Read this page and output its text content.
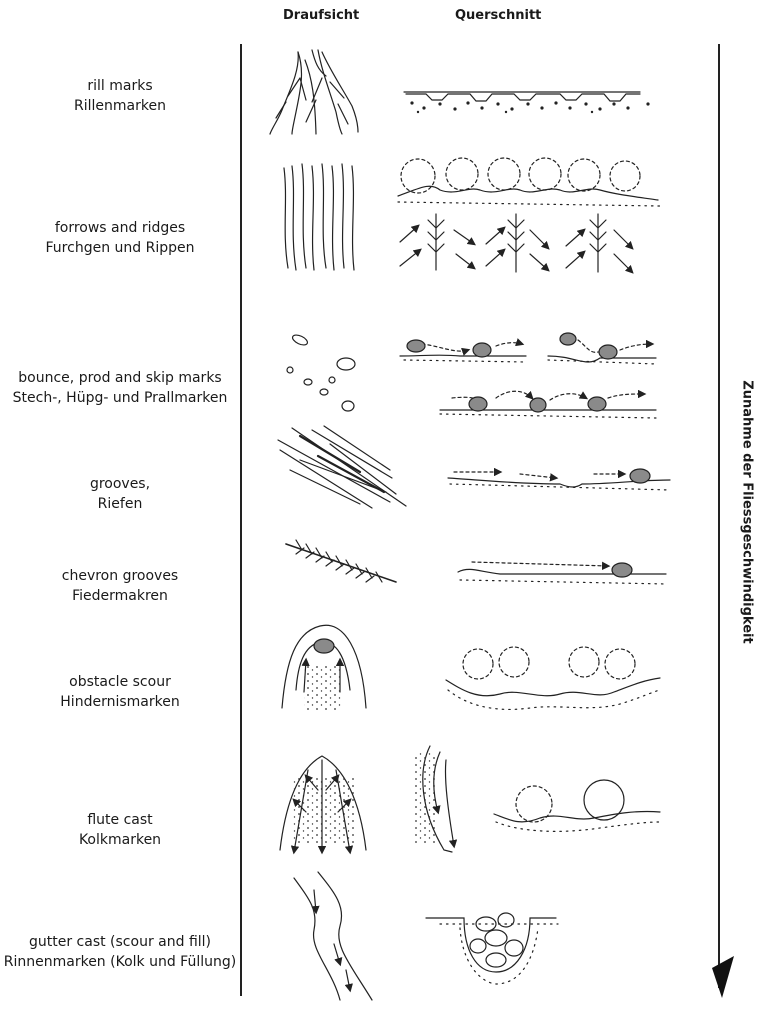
Draufsicht	Querschnitt
Zunahme der Fliessgeschwindigkeit
rill marks
Rillenmarken
forrows and ridges
Furchgen und Rippen
bounce, prod and skip marks
Stech-, Hüpg- und Prallmarken
grooves,
Riefen
chevron grooves
Fiedermakren
obstacle scour
Hindernismarken
flute cast
Kolkmarken
gutter cast (scour and fill)
Rinnenmarken (Kolk und Füllung)
